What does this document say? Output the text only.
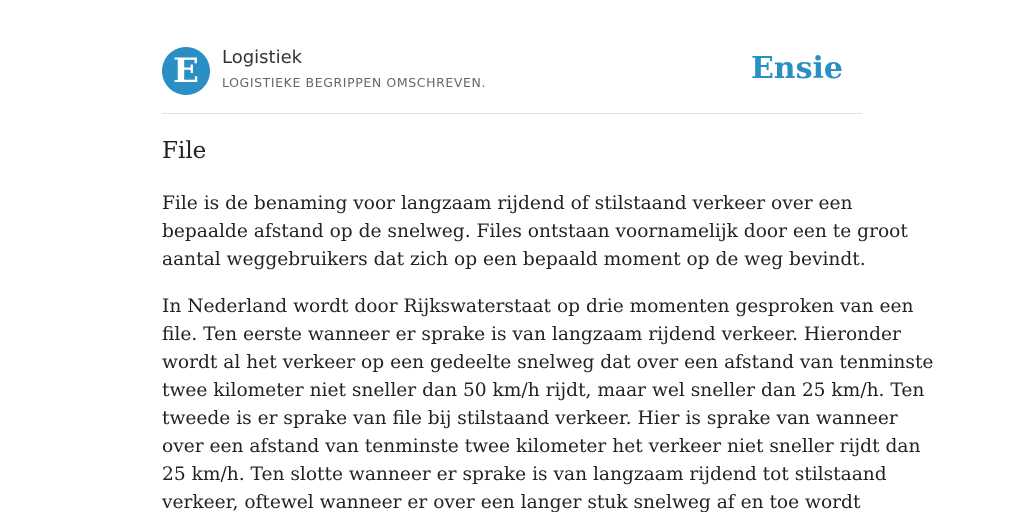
E	Logistiek
LOGISTIEKE BEGRIPPEN OMSCHREVEN.	Ensie
File
File is de benaming voor langzaam rijdend of stilstaand verkeer over een
bepaalde afstand op de snelweg. Files ontstaan voornamelijk door een te groot
aantal weggebruikers dat zich op een bepaald moment op de weg bevindt.
In Nederland wordt door Rijkswaterstaat op drie momenten gesproken van een
file. Ten eerste wanneer er sprake is van langzaam rijdend verkeer. Hieronder
wordt al het verkeer op een gedeelte snelweg dat over een afstand van tenminste
twee kilometer niet sneller dan 50 km/h rijdt, maar wel sneller dan 25 km/h. Ten
tweede is er sprake van file bij stilstaand verkeer. Hier is sprake van wanneer
over een afstand van tenminste twee kilometer het verkeer niet sneller rijdt dan
25 km/h. Ten slotte wanneer er sprake is van langzaam rijdend tot stilstaand
verkeer, oftewel wanneer er over een langer stuk snelweg af en toe wordt
